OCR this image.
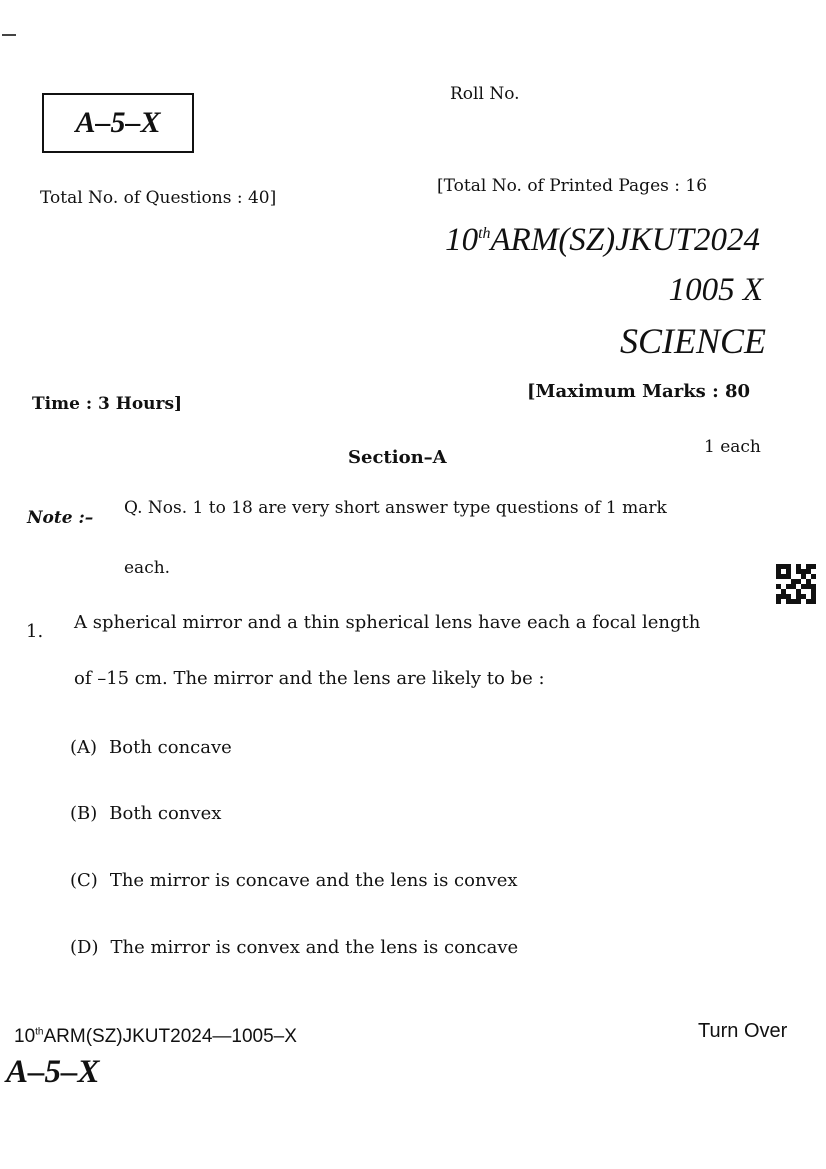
A–5–X
Roll No.
Total No. of Questions : 40]
[Total No. of Printed Pages : 16
10thARM(SZ)JKUT2024
1005 X
SCIENCE
Time : 3 Hours]
[Maximum Marks : 80
Section–A	1 each
Note :– Q. Nos. 1 to 18 are very short answer type questions of 1 mark
each.
1. A spherical mirror and a thin spherical lens have each a focal length
of –15 cm. The mirror and the lens are likely to be :
(A) Both concave
(B) Both convex
(C) The mirror is concave and the lens is convex
(D) The mirror is convex and the lens is concave
10thARM(SZ)JKUT2024—1005–X	Turn Over
A–5–X
